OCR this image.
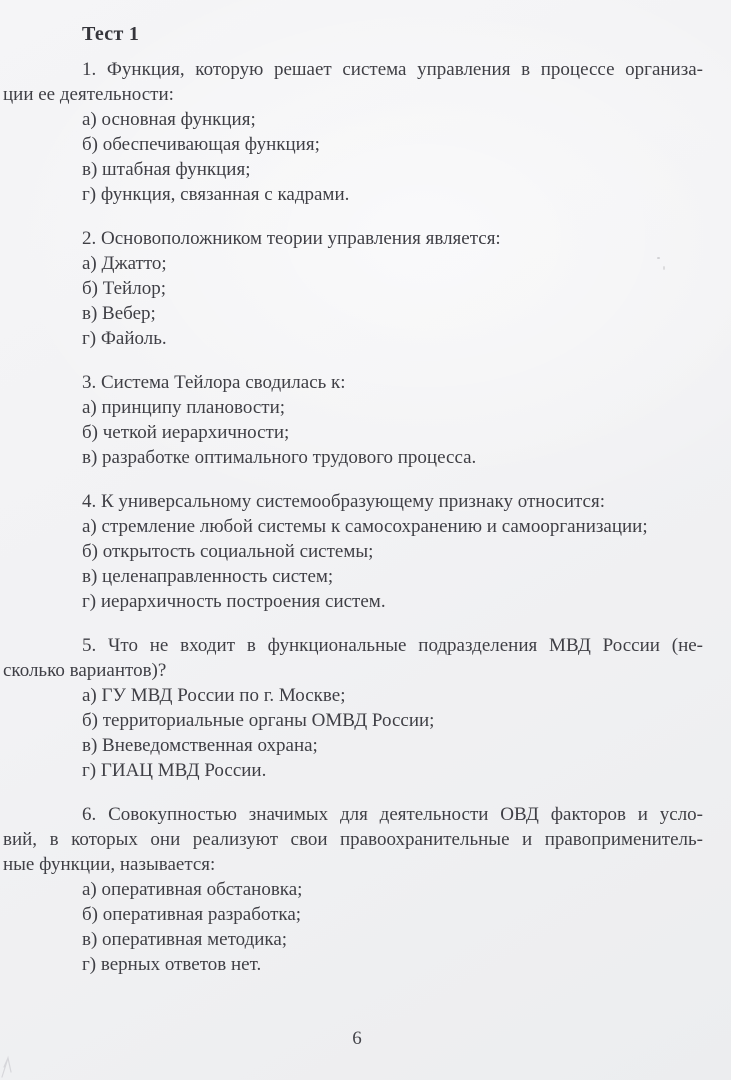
Тест 1

1. Функция, которую решает система управления в процессе организа-

ции ее деятельности:

а) основная функция;

б) обеспечивающая функция;

в) штабная функция;

г) функция, связанная с кадрами.

2. Основоположником теории управления является:

а) Джатто;

б) Тейлор;

в) Вебер;

г) Файоль.

3. Система Тейлора сводилась к:

а) принципу плановости;

б) четкой иерархичности;

в) разработке оптимального трудового процесса.

4. К универсальному системообразующему признаку относится:

а) стремление любой системы к самосохранению и самоорганизации;

б) открытость социальной системы;

в) целенаправленность систем;

г) иерархичность построения систем.

5. Что не входит в функциональные подразделения МВД России (не-

сколько вариантов)?

а) ГУ МВД России по г. Москве;

б) территориальные органы ОМВД России;

в) Вневедомственная охрана;

г) ГИАЦ МВД России.

6. Совокупностью значимых для деятельности ОВД факторов и усло-

вий, в которых они реализуют свои правоохранительные и правоприменитель-

ные функции, называется:

а) оперативная обстановка;

б) оперативная разработка;

в) оперативная методика;

г) верных ответов нет.

6
